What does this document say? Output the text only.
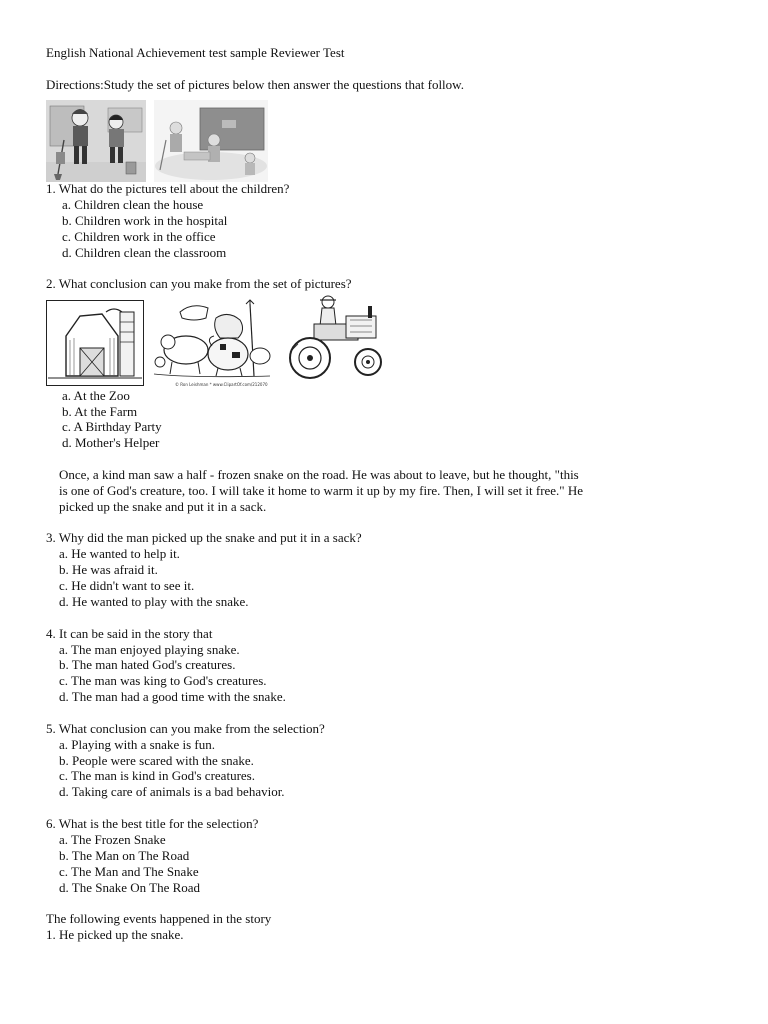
English National Achievement test sample Reviewer Test
Directions:Study the set of pictures below then answer the questions that follow.
1. What do the pictures tell about the children?
a. Children clean the house
b. Children work in the hospital
c. Children work in the office
d. Children clean the classroom
2. What conclusion can you make from the set of pictures?
© Ron Leishman * www.ClipartOf.com/212070
a. At the Zoo
b. At the Farm
c. A Birthday Party
d. Mother's Helper
Once, a kind man saw a half - frozen snake on the road. He was about to leave, but he thought, "this
is one of God's creature, too. I will take it home to warm it up by my fire. Then, I will set it free." He
picked up the snake and put it in a sack.
3. Why did the man picked up the snake and put it in a sack?
a. He wanted to help it.
b. He was afraid it.
c. He didn't want to see it.
d. He wanted to play with the snake.
4. It can be said in the story that
a. The man enjoyed playing snake.
b. The man hated God's creatures.
c. The man was king to God's creatures.
d. The man had a good time with the snake.
5. What conclusion can you make from the selection?
a. Playing with a snake is fun.
b. People were scared with the snake.
c. The man is kind in God's creatures.
d. Taking care of animals is a bad behavior.
6. What is the best title for the selection?
a. The Frozen Snake
b. The Man on The Road
c. The Man and The Snake
d. The Snake On The Road
The following events happened in the story
1. He picked up the snake.
